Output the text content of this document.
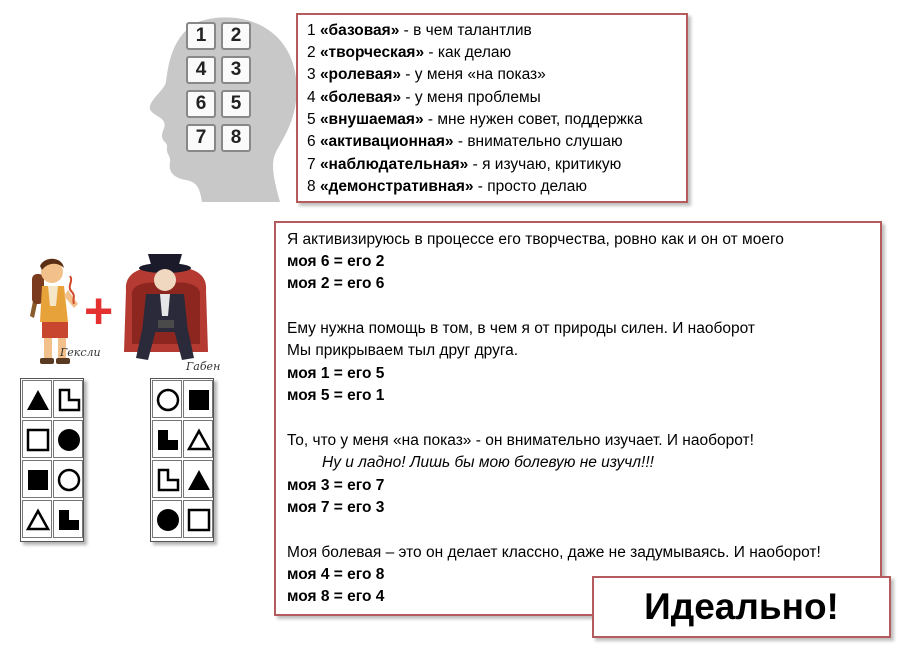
1	2
4	3
6	5
7	8
1 «базовая» - в чем талантлив
2 «творческая» - как делаю
3 «ролевая» - у меня «на показ»
4 «болевая» - у меня проблемы
5 «внушаемая» - мне нужен совет, поддержка
6 «активационная» - внимательно слушаю
7 «наблюдательная» - я изучаю, критикую
8 «демонстративная» - просто делаю
Гексли
+
Габен
Я активизируюсь в процессе его творчества, ровно как и он от моего
моя 6 = его 2
моя 2 = его 6
Ему нужна помощь в том, в чем я от природы силен. И наоборот
Мы прикрываем тыл друг друга.
моя 1 = его 5
моя 5 = его 1
То, что у меня «на показ» - он внимательно изучает. И наоборот!
Ну и ладно! Лишь бы мою болевую не изучл!!!
моя 3 = его 7
моя 7 = его 3
Моя болевая – это он делает классно, даже не задумываясь. И наоборот!
моя 4 = его 8
моя 8 = его 4	Идеально!
